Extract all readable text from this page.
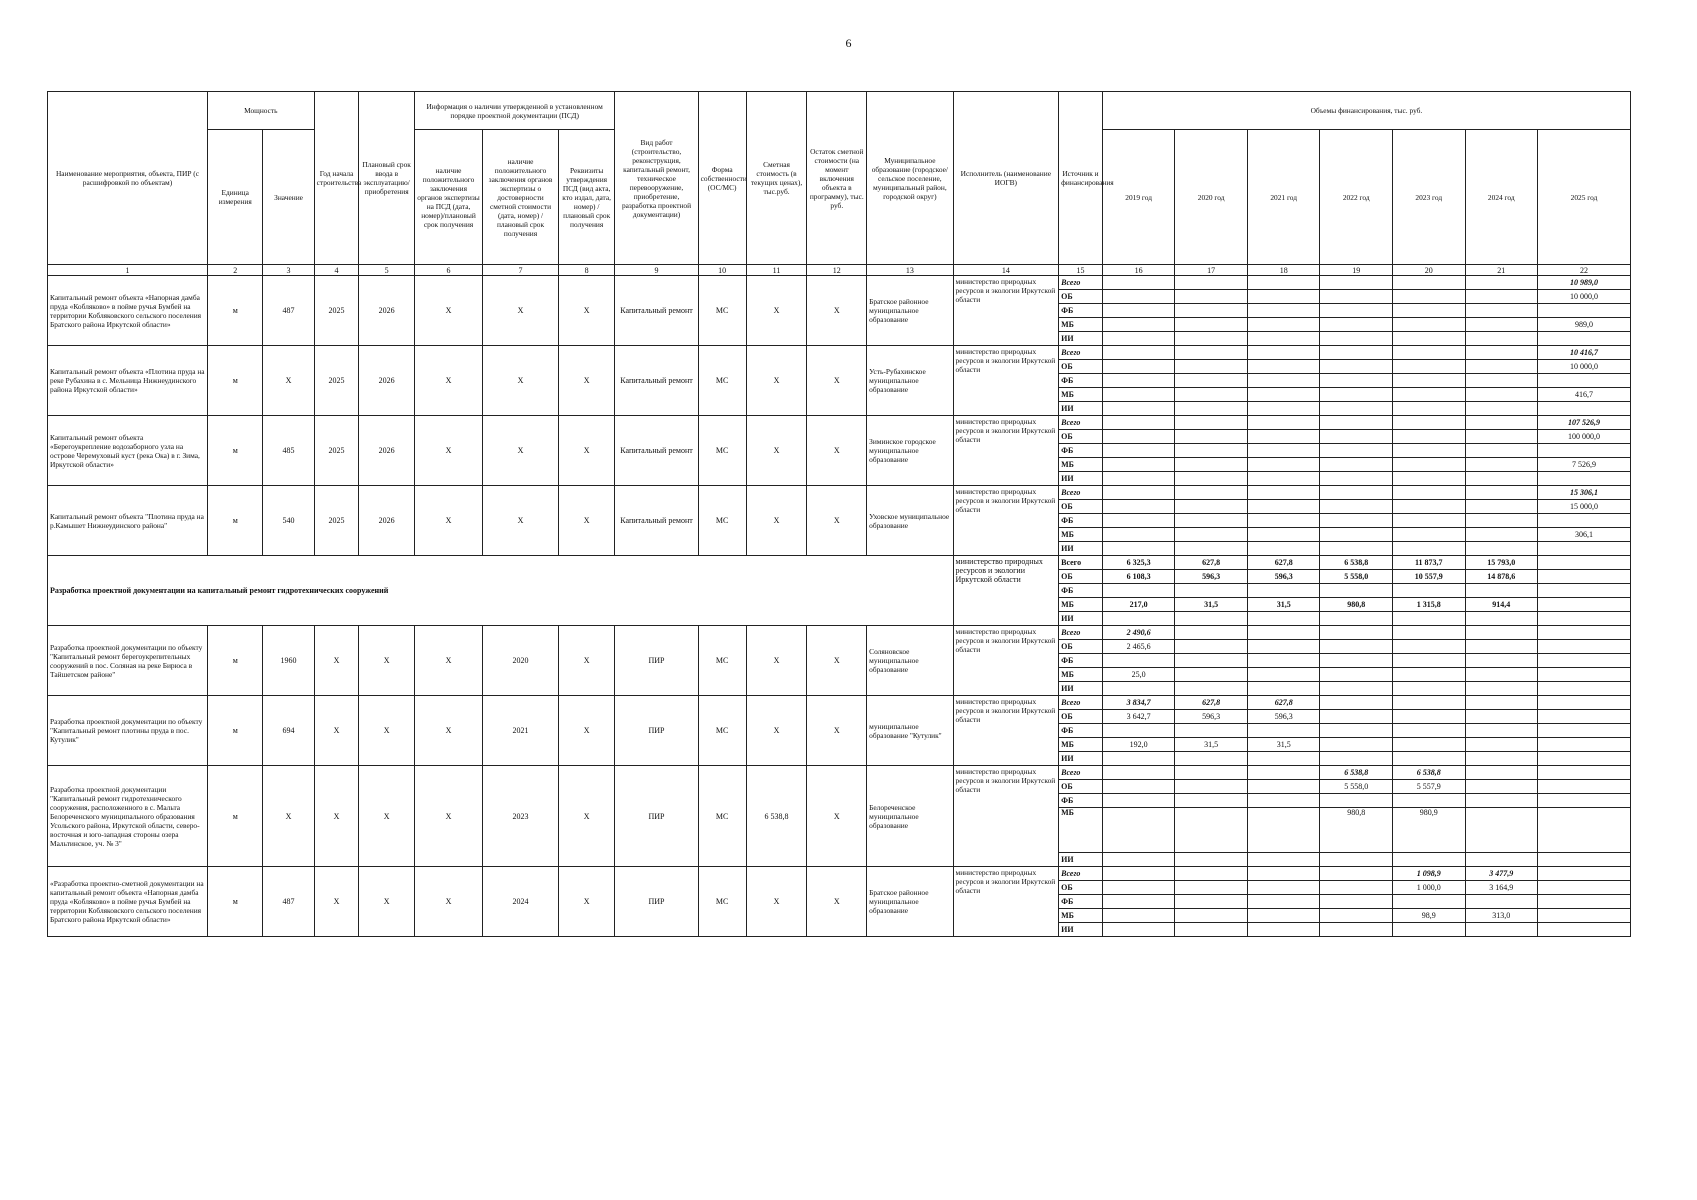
6
Наименование мероприятия, объекта, ПИР (с расшифровкой по объектам)	Мощность		Год начала строительства	Плановый срок ввода в эксплуатацию/приобретения	Информация о наличии утвержденной в установленном порядке проектной документации (ПСД)			Вид работ (строительство, реконструкция, капитальный ремонт, техническое перевооружение, приобретение, разработка проектной документации)	Форма собственности (ОС/МС)	Сметная стоимость (в текущих ценах), тыс.руб.	Остаток сметной стоимости (на момент включения объекта в программу), тыс. руб.	Муниципальное образование (городское/сельское поселение, муниципальный район, городской округ)	Исполнитель (наименование ИОГВ)	Источник и финансирования	Объемы финансирования, тыс. руб.						
	Единица измерения	Значение			наличие положительного заключения органов экспертизы на ПСД (дата, номер)/плановый срок получения	наличие положительного заключения органов экспертизы о достоверности сметной стоимости (дата, номер) / плановый срок получения	Реквизиты утверждения ПСД (вид акта, кто издал, дата, номер) / плановый срок получения								2019 год	2020 год	2021 год	2022 год	2023 год	2024 год	2025 год
1	2	3	4	5	6	7	8	9	10	11	12	13	14	15	16	17	18	19	20	21	22
Капитальный ремонт объекта «Напорная дамба пруда «Кобляково» в пойме ручья Бумбей на территории Кобляковского сельского поселения Братского района Иркутской области»	м	487	2025	2026	Х	Х	Х	Капитальный ремонт	МС	Х	Х	Братское районное муниципальное образование	министерство природных ресурсов и экологии Иркутской области	Всего							10 989,0
														ОБ							10 000,0
														ФБ							
														МБ							989,0
														ИИ							
Капитальный ремонт объекта «Плотина пруда на реке Рубахина в с. Мельница Нижнеудинского района Иркутской области»	м	Х	2025	2026	Х	Х	Х	Капитальный ремонт	МС	Х	Х	Усть-Рубахинское муниципальное образование	министерство природных ресурсов и экологии Иркутской области	Всего							10 416,7
														ОБ							10 000,0
														ФБ							
														МБ							416,7
														ИИ							
Капитальный ремонт объекта «Берегоукрепление водозаборного узла на острове Черемуховый куст (река Ока) в г. Зима, Иркутской области»	м	485	2025	2026	Х	Х	Х	Капитальный ремонт	МС	Х	Х	Зиминское городское муниципальное образование	министерство природных ресурсов и экологии Иркутской области	Всего							107 526,9
														ОБ							100 000,0
														ФБ							
														МБ							7 526,9
														ИИ							
Капитальный ремонт объекта "Плотина пруда на р.Камышет Нижнеудинского района"	м	540	2025	2026	Х	Х	Х	Капитальный ремонт	МС	Х	Х	Уховское муниципальное образование	министерство природных ресурсов и экологии Иркутской области	Всего							15 306,1
														ОБ							15 000,0
														ФБ							
														МБ							306,1
														ИИ							
Разработка проектной документации на капитальный ремонт гидротехнических сооружений													министерство природных ресурсов и экологии Иркутской области	Всего	6 325,3	627,8	627,8	6 538,8	11 873,7	15 793,0	
														ОБ	6 108,3	596,3	596,3	5 558,0	10 557,9	14 878,6	
														ФБ							
														МБ	217,0	31,5	31,5	980,8	1 315,8	914,4	
														ИИ							
Разработка проектной документации по объекту "Капитальный ремонт берегоукрепительных сооружений в пос. Соляная на реке Бирюса в Тайшетском районе"	м	1960	Х	Х	Х	2020	Х	ПИР	МС	Х	Х	Соляновское муниципальное образование	министерство природных ресурсов и экологии Иркутской области	Всего	2 490,6						
														ОБ	2 465,6						
														ФБ							
														МБ	25,0						
														ИИ							
Разработка проектной документации по объекту "Капитальный ремонт плотины пруда в пос. Кутулик"	м	694	Х	Х	Х	2021	Х	ПИР	МС	Х	Х	муниципальное образование "Кутулик"	министерство природных ресурсов и экологии Иркутской области	Всего	3 834,7	627,8	627,8				
														ОБ	3 642,7	596,3	596,3				
														ФБ							
														МБ	192,0	31,5	31,5				
														ИИ							
Разработка проектной документации "Капитальный ремонт гидротехнического сооружения, расположенного в с. Мальта Белореченского муниципального образования Усольского района, Иркутской области, северо-восточная и юго-западная стороны озера Мальтинское, уч. № 3"	м	Х	Х	Х	Х	2023	Х	ПИР	МС	6 538,8	Х	Белореченское муниципальное образование	министерство природных ресурсов и экологии Иркутской области	Всего				6 538,8	6 538,8		
														ОБ				5 558,0	5 557,9		
														ФБ							
														МБ				980,8	980,9		
														ИИ							
«Разработка проектно-сметной документации на капитальный ремонт объекта «Напорная дамба пруда «Кобляково» в пойме ручья Бумбей на территории Кобляковского сельского поселения Братского района Иркутской области»	м	487	Х	Х	Х	2024	Х	ПИР	МС	Х	Х	Братское районное муниципальное образование	министерство природных ресурсов и экологии Иркутской области	Всего					1 098,9	3 477,9	
														ОБ					1 000,0	3 164,9	
														ФБ							
														МБ					98,9	313,0	
														ИИ							
